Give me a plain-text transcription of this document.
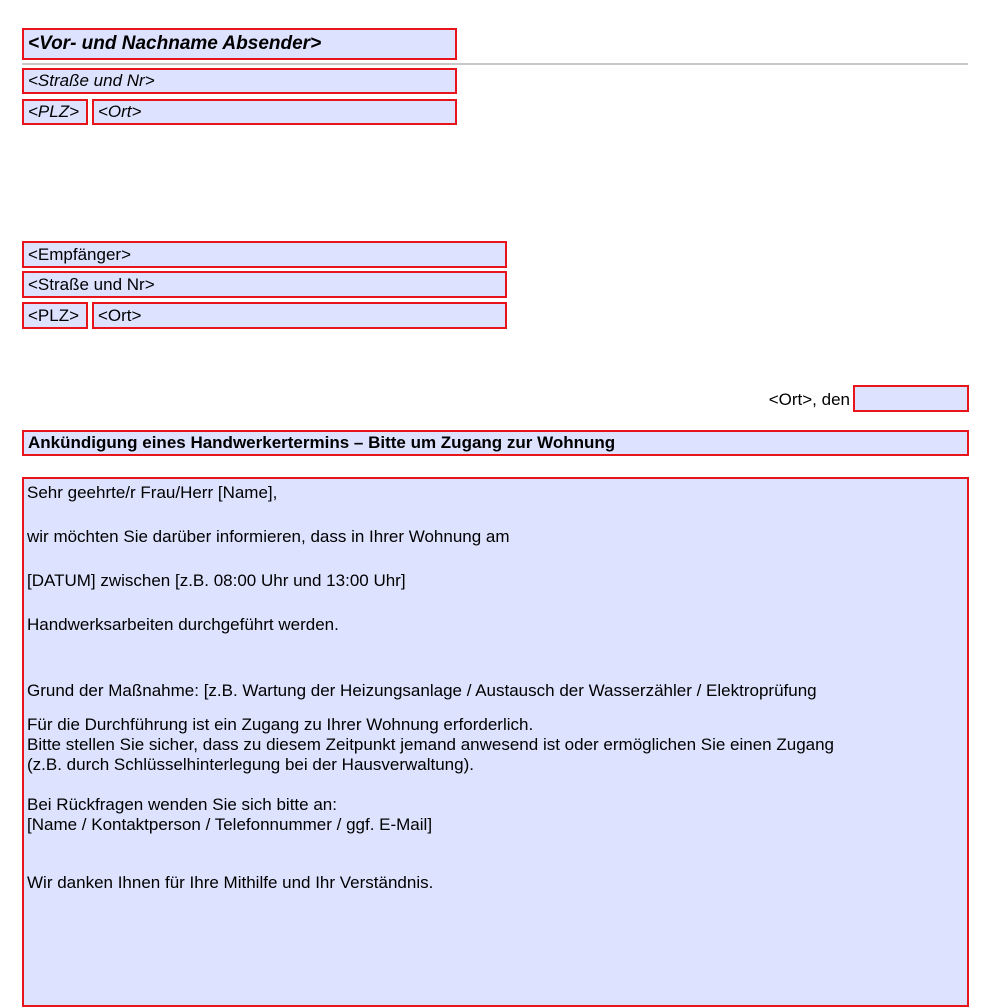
<Vor- und Nachname Absender>
<Straße und Nr>
<PLZ>	<Ort>
<Empfänger>
<Straße und Nr>
<PLZ>	<Ort>
<Ort>, den
Ankündigung eines Handwerkertermins – Bitte um Zugang zur Wohnung

Sehr geehrte/r Frau/Herr [Name],

wir möchten Sie darüber informieren, dass in Ihrer Wohnung am

[DATUM] zwischen [z.B. 08:00 Uhr und 13:00 Uhr]

Handwerksarbeiten durchgeführt werden.

Grund der Maßnahme: [z.B. Wartung der Heizungsanlage / Austausch der Wasserzähler / Elektroprüfung

Für die Durchführung ist ein Zugang zu Ihrer Wohnung erforderlich.

Bitte stellen Sie sicher, dass zu diesem Zeitpunkt jemand anwesend ist oder ermöglichen Sie einen Zugang

(z.B. durch Schlüsselhinterlegung bei der Hausverwaltung).

Bei Rückfragen wenden Sie sich bitte an:

[Name / Kontaktperson / Telefonnummer / ggf. E-Mail]

Wir danken Ihnen für Ihre Mithilfe und Ihr Verständnis.
